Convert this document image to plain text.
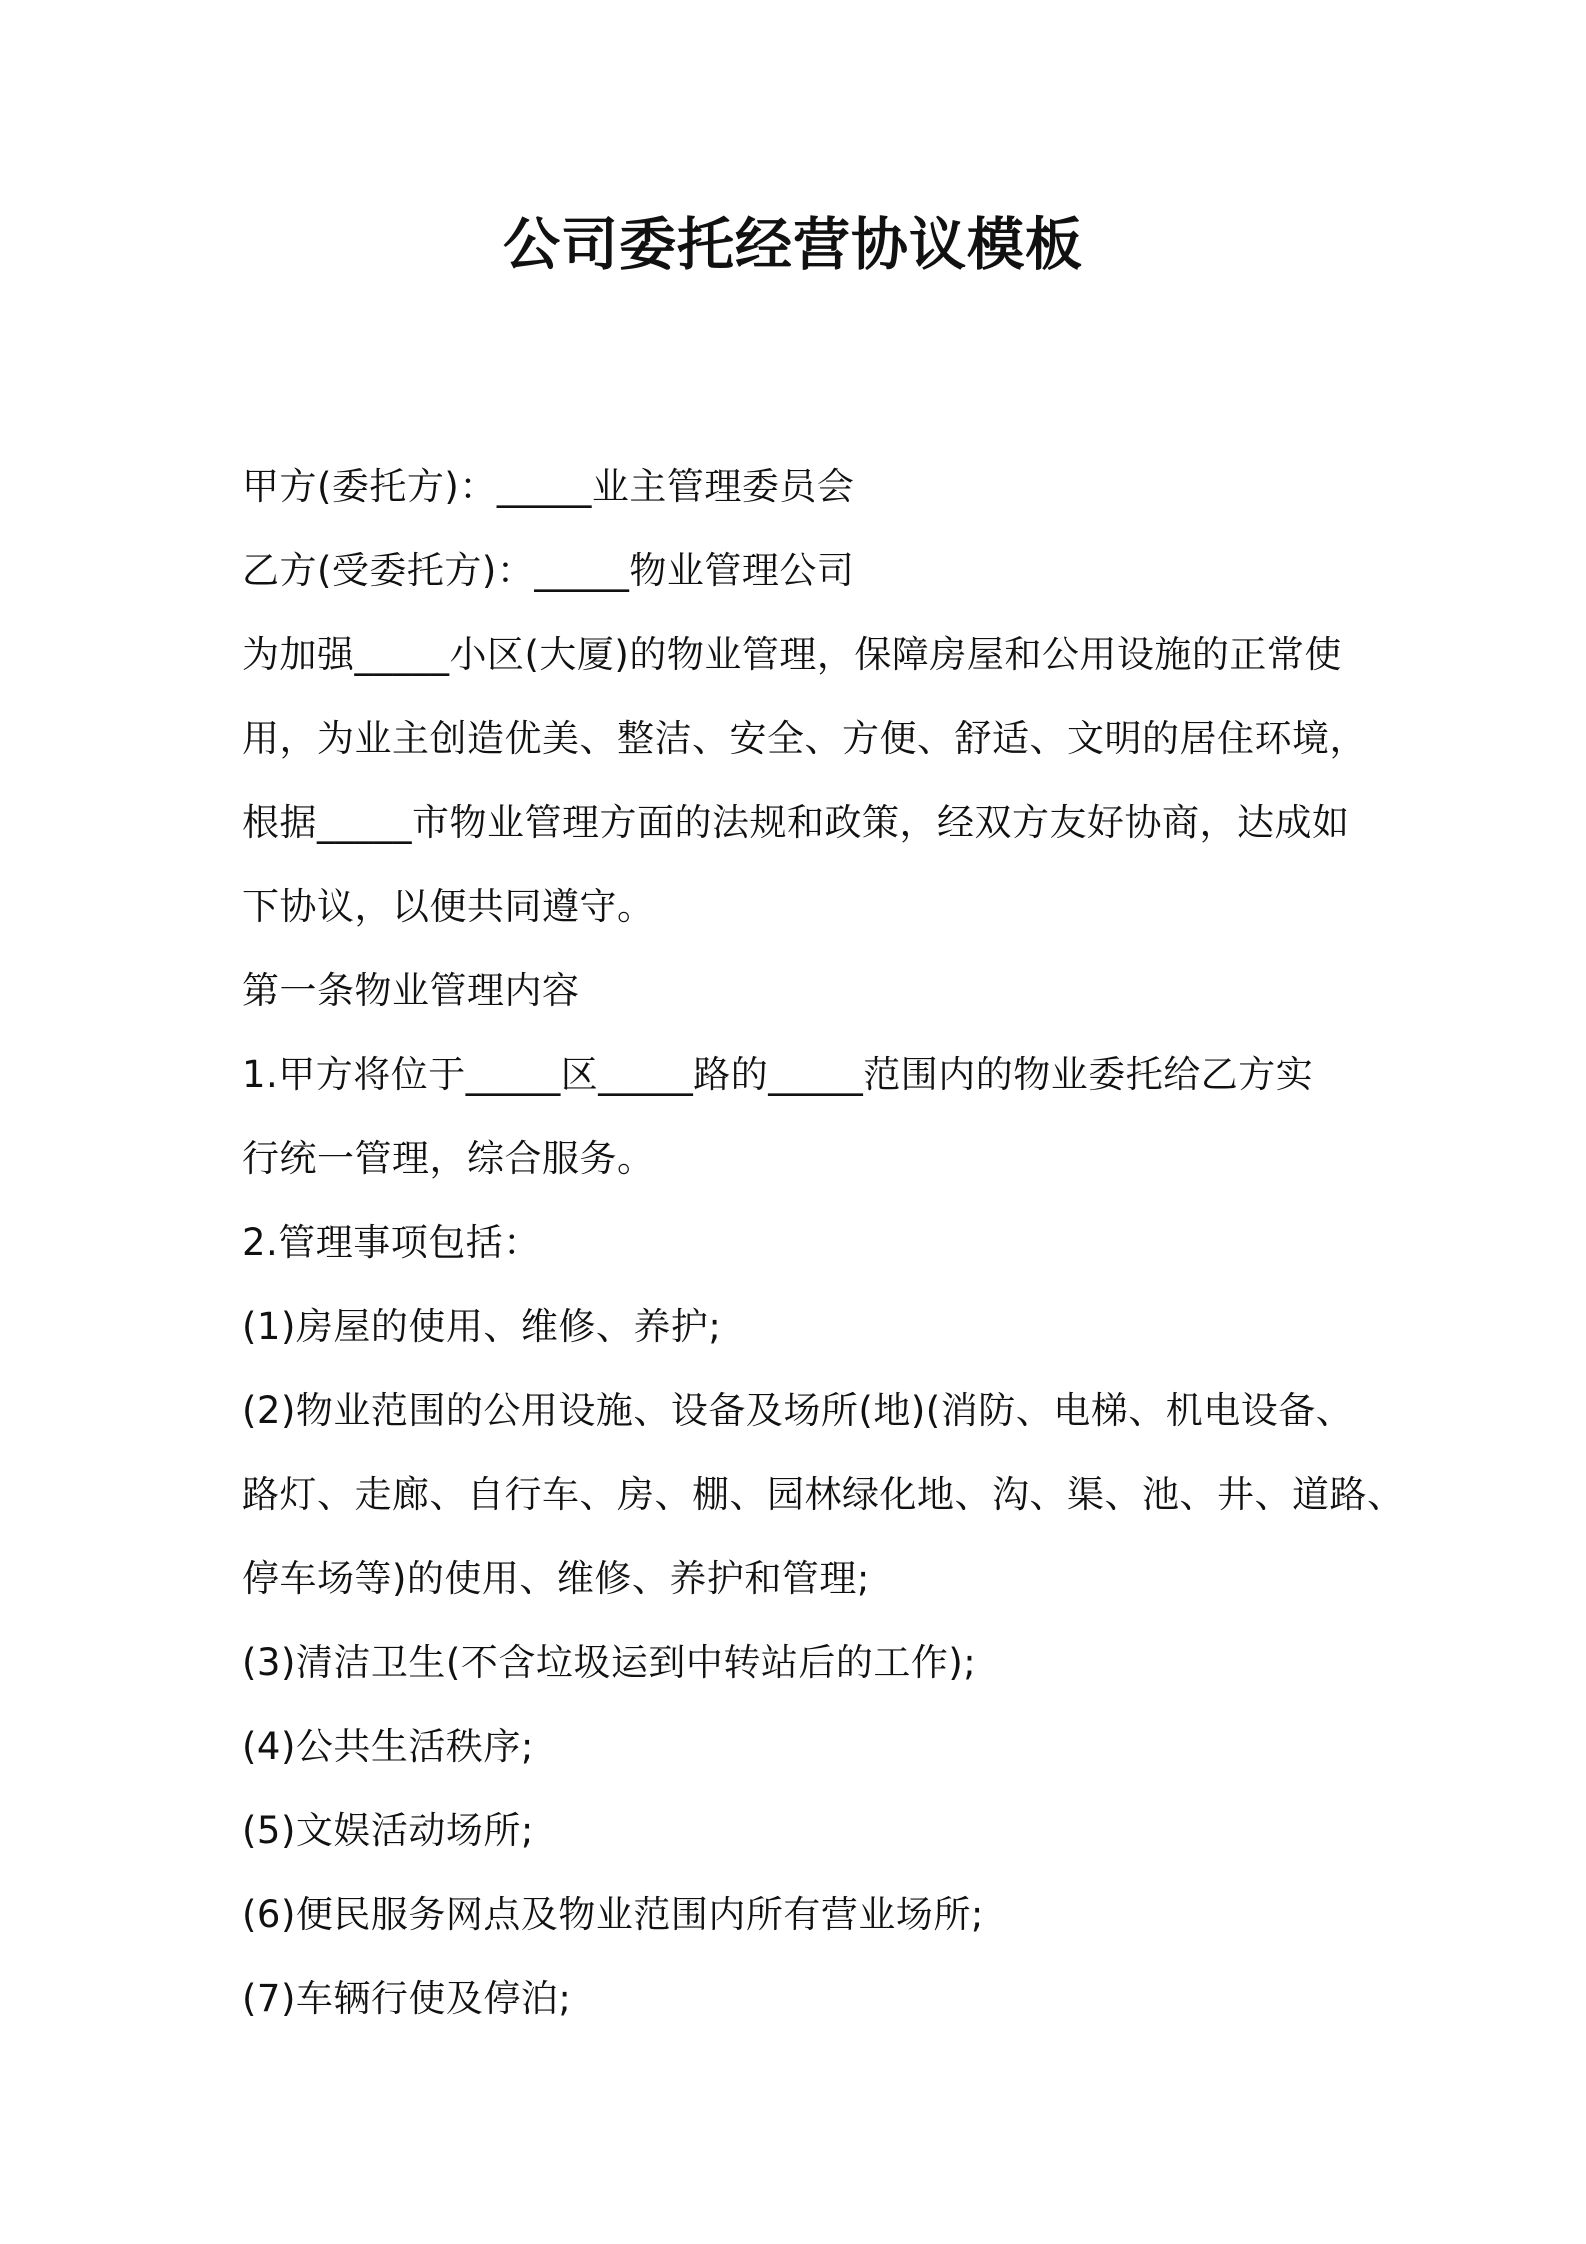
公司委托经营协议模板

甲方(委托方)：_____业主管理委员会

乙方(受委托方)：_____物业管理公司

为加强_____小区(大厦)的物业管理，保障房屋和公用设施的正常使

用，为业主创造优美、整洁、安全、方便、舒适、文明的居住环境，

根据_____市物业管理方面的法规和政策，经双方友好协商，达成如

下协议，以便共同遵守。

第一条物业管理内容

1.甲方将位于_____区_____路的_____范围内的物业委托给乙方实

行统一管理，综合服务。

2.管理事项包括：

(1)房屋的使用、维修、养护;

(2)物业范围的公用设施、设备及场所(地)(消防、电梯、机电设备、

路灯、走廊、自行车、房、棚、园林绿化地、沟、渠、池、井、道路、

停车场等)的使用、维修、养护和管理;

(3)清洁卫生(不含垃圾运到中转站后的工作);

(4)公共生活秩序;

(5)文娱活动场所;

(6)便民服务网点及物业范围内所有营业场所;

(7)车辆行使及停泊;
